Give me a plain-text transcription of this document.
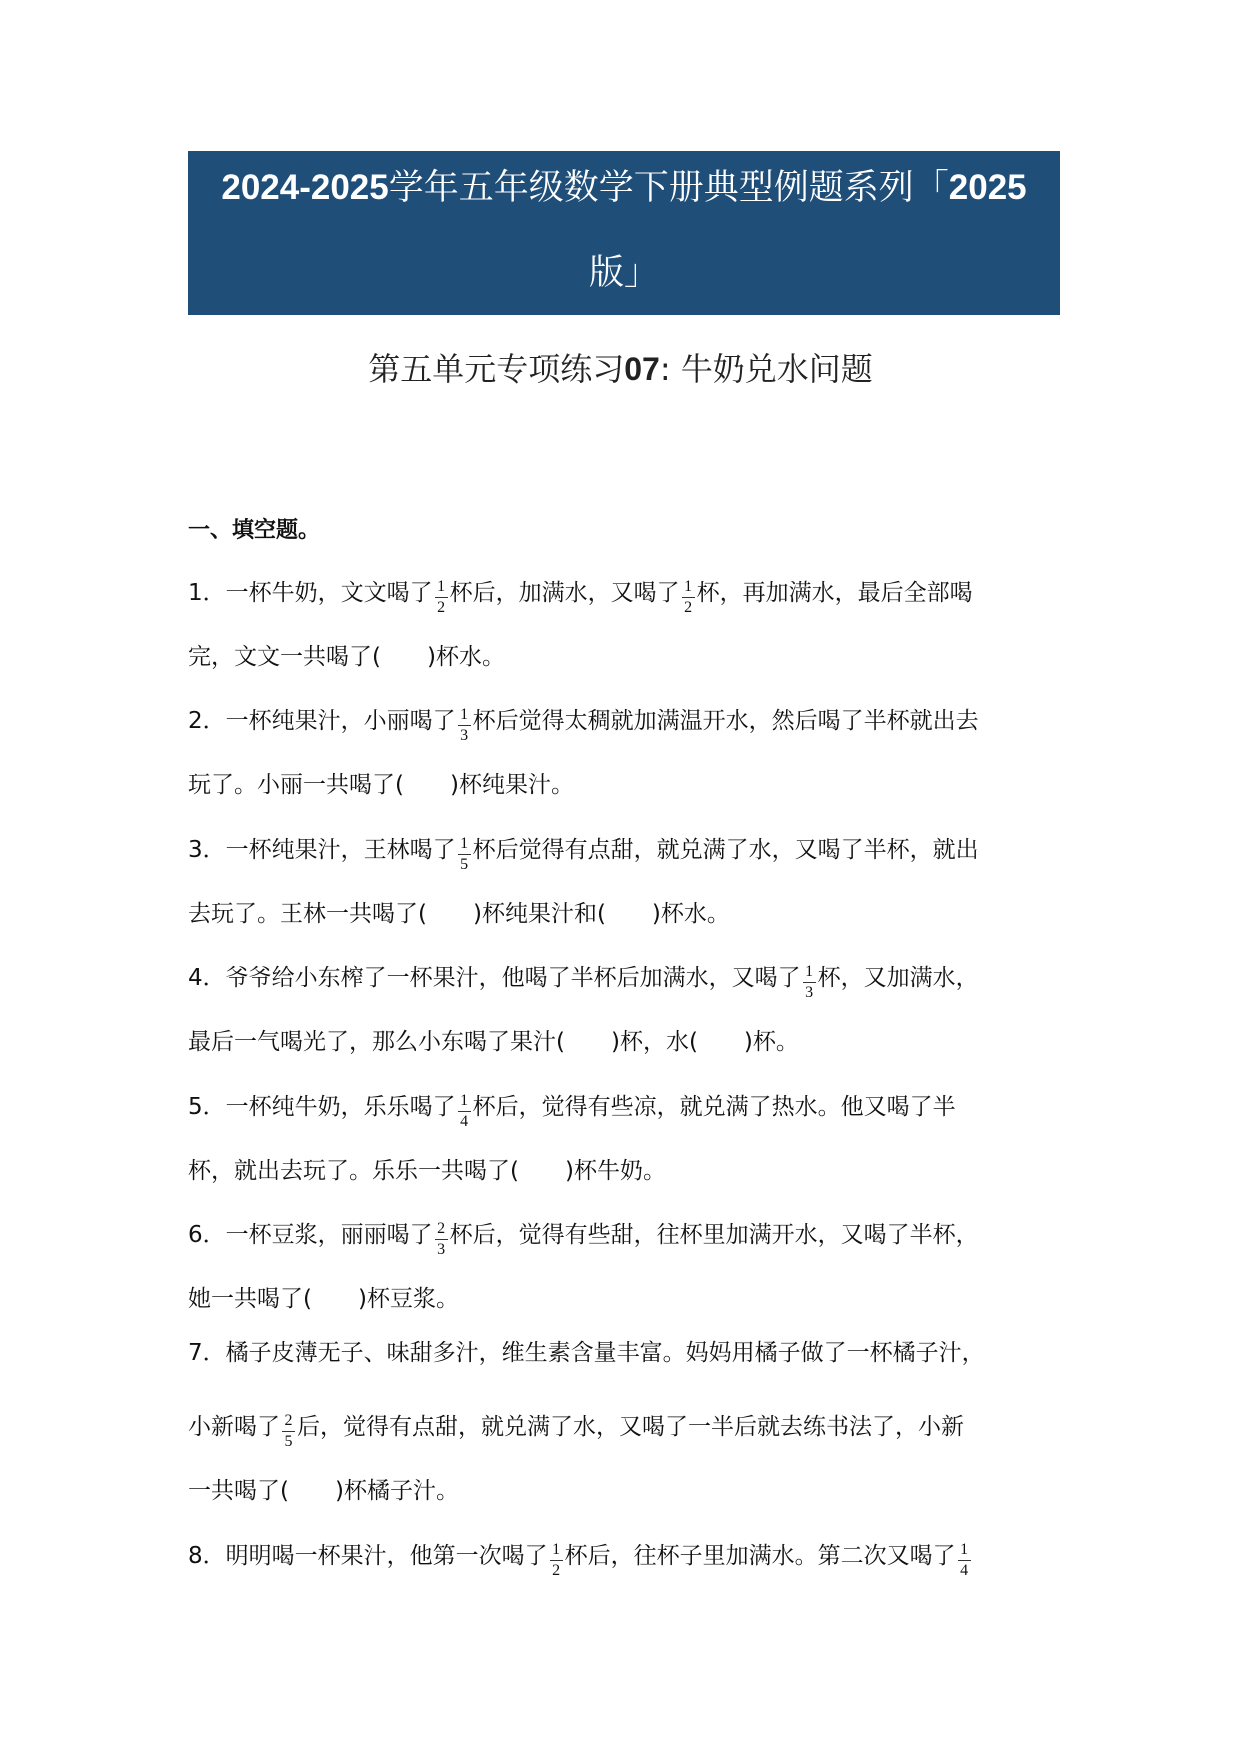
2024-2025学年五年级数学下册典型例题系列「2025
版」
第五单元专项练习07: 牛奶兑水问题
一、填空题。
1．一杯牛奶，文文喝了 $\frac{1}{2}$ 杯后，加满水，又喝了 $\frac{1}{2}$ 杯，再加满水，最后全部喝
完，文文一共喝了(　　)杯水。
2．一杯纯果汁，小丽喝了 $\frac{1}{3}$ 杯后觉得太稠就加满温开水，然后喝了半杯就出去
玩了。小丽一共喝了(　　)杯纯果汁。
3．一杯纯果汁，王林喝了 $\frac{1}{5}$ 杯后觉得有点甜，就兑满了水，又喝了半杯，就出
去玩了。王林一共喝了(　　)杯纯果汁和(　　)杯水。
4．爷爷给小东榨了一杯果汁，他喝了半杯后加满水，又喝了 $\frac{1}{3}$ 杯，又加满水，
最后一气喝光了，那么小东喝了果汁(　　)杯，水(　　)杯。
5．一杯纯牛奶，乐乐喝了 $\frac{1}{4}$ 杯后，觉得有些凉，就兑满了热水。他又喝了半
杯，就出去玩了。乐乐一共喝了(　　)杯牛奶。
6．一杯豆浆，丽丽喝了 $\frac{2}{3}$ 杯后，觉得有些甜，往杯里加满开水，又喝了半杯，
她一共喝了(　　)杯豆浆。
7．橘子皮薄无子、味甜多汁，维生素含量丰富。妈妈用橘子做了一杯橘子汁，
小新喝了 $\frac{2}{5}$ 后，觉得有点甜，就兑满了水，又喝了一半后就去练书法了，小新
一共喝了(　　)杯橘子汁。
8．明明喝一杯果汁，他第一次喝了 $\frac{1}{2}$ 杯后，往杯子里加满水。第二次又喝了 $\frac{1}{4}$
